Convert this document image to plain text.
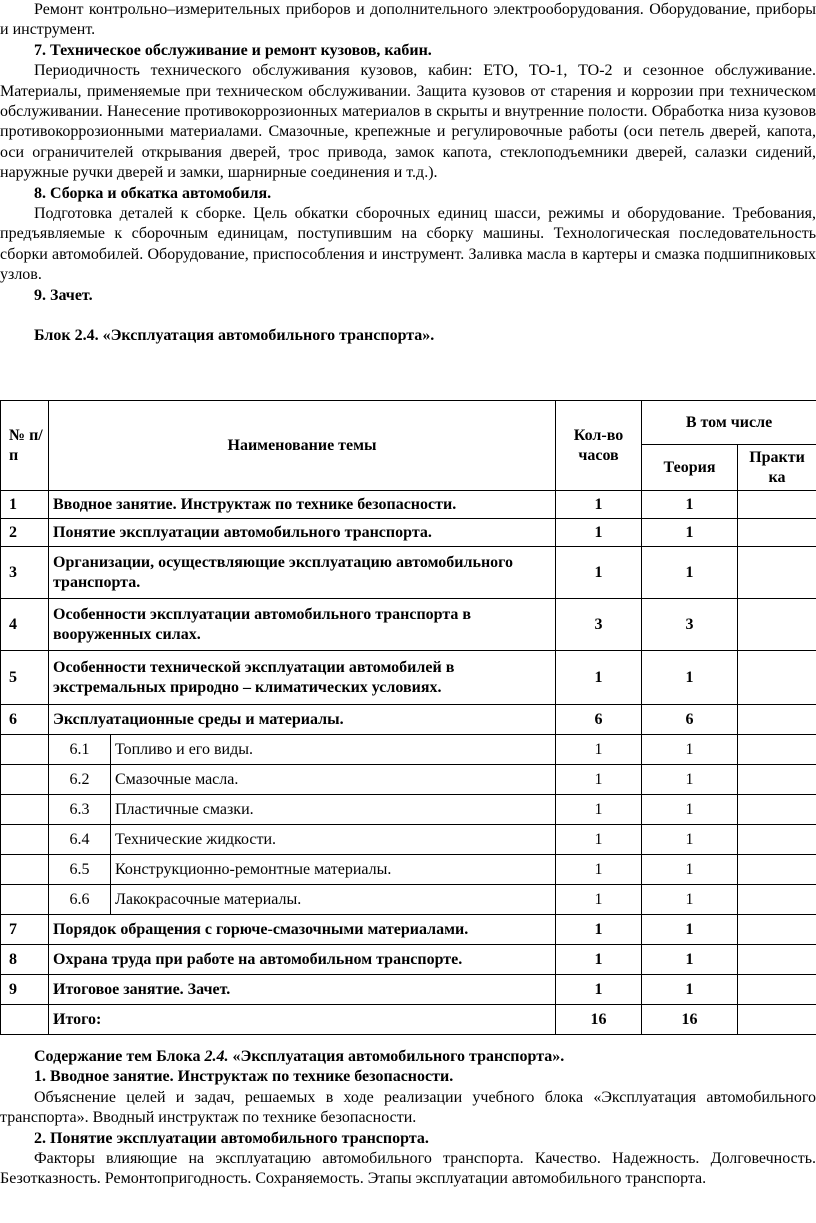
Ремонт контрольно–измерительных приборов и дополнительного электрооборудования. Оборудование, приборы и инструмент.

7. Техническое обслуживание и ремонт кузовов, кабин.

Периодичность технического обслуживания кузовов, кабин: ЕТО, ТО-1, ТО-2 и сезонное обслуживание. Материалы, применяемые при техническом обслуживании. Защита кузовов от старения и коррозии при техническом обслуживании. Нанесение противокоррозионных материалов в скрыты и внутренние полости. Обработка низа кузовов противокоррозионными материалами. Смазочные, крепежные и регулировочные работы (оси петель дверей, капота, оси ограничителей открывания дверей, трос привода, замок капота, стеклоподъемники дверей, салазки сидений, наружные ручки дверей и замки, шарнирные соединения и т.д.).

8. Сборка и обкатка автомобиля.

Подготовка деталей к сборке. Цель обкатки сборочных единиц шасси, режимы и оборудование. Требования, предъявляемые к сборочным единицам, поступившим на сборку машины. Технологическая последовательность сборки автомобилей. Оборудование, приспособления и инструмент. Заливка масла в картеры и смазка подшипниковых узлов.

9. Зачет.

Блок 2.4. «Эксплуатация автомобильного транспорта».

№ п/п	Наименование темы		Кол-во часов	В том числе	
				Теория	Практи ка
1	Вводное занятие. Инструктаж по технике безопасности.		1	1	
2	Понятие эксплуатации автомобильного транспорта.		1	1	
3	Организации, осуществляющие эксплуатацию автомобильного транспорта.		1	1	
4	Особенности эксплуатации автомобильного транспорта в вооруженных силах.		3	3	
5	Особенности технической эксплуатации автомобилей в экстремальных природно – климатических условиях.		1	1	
6	Эксплуатационные среды и материалы.		6	6	
	6.1	Топливо и его виды.	1	1	
	6.2	Смазочные масла.	1	1	
	6.3	Пластичные смазки.	1	1	
	6.4	Технические жидкости.	1	1	
	6.5	Конструкционно-ремонтные материалы.	1	1	
	6.6	Лакокрасочные материалы.	1	1	
7	Порядок обращения с горюче-смазочными материалами.		1	1	
8	Охрана труда при работе на автомобильном транспорте.		1	1	
9	Итоговое занятие. Зачет.		1	1	
	Итого:		16	16	

Содержание тем Блока 2.4. «Эксплуатация автомобильного транспорта».

1. Вводное занятие. Инструктаж по технике безопасности.

Объяснение целей и задач, решаемых в ходе реализации учебного блока «Эксплуатация автомобильного транспорта». Вводный инструктаж по технике безопасности.

2. Понятие эксплуатации автомобильного транспорта.

Факторы влияющие на эксплуатацию автомобильного транспорта. Качество. Надежность. Долговечность. Безотказность. Ремонтопригодность. Сохраняемость. Этапы эксплуатации автомобильного транспорта.
